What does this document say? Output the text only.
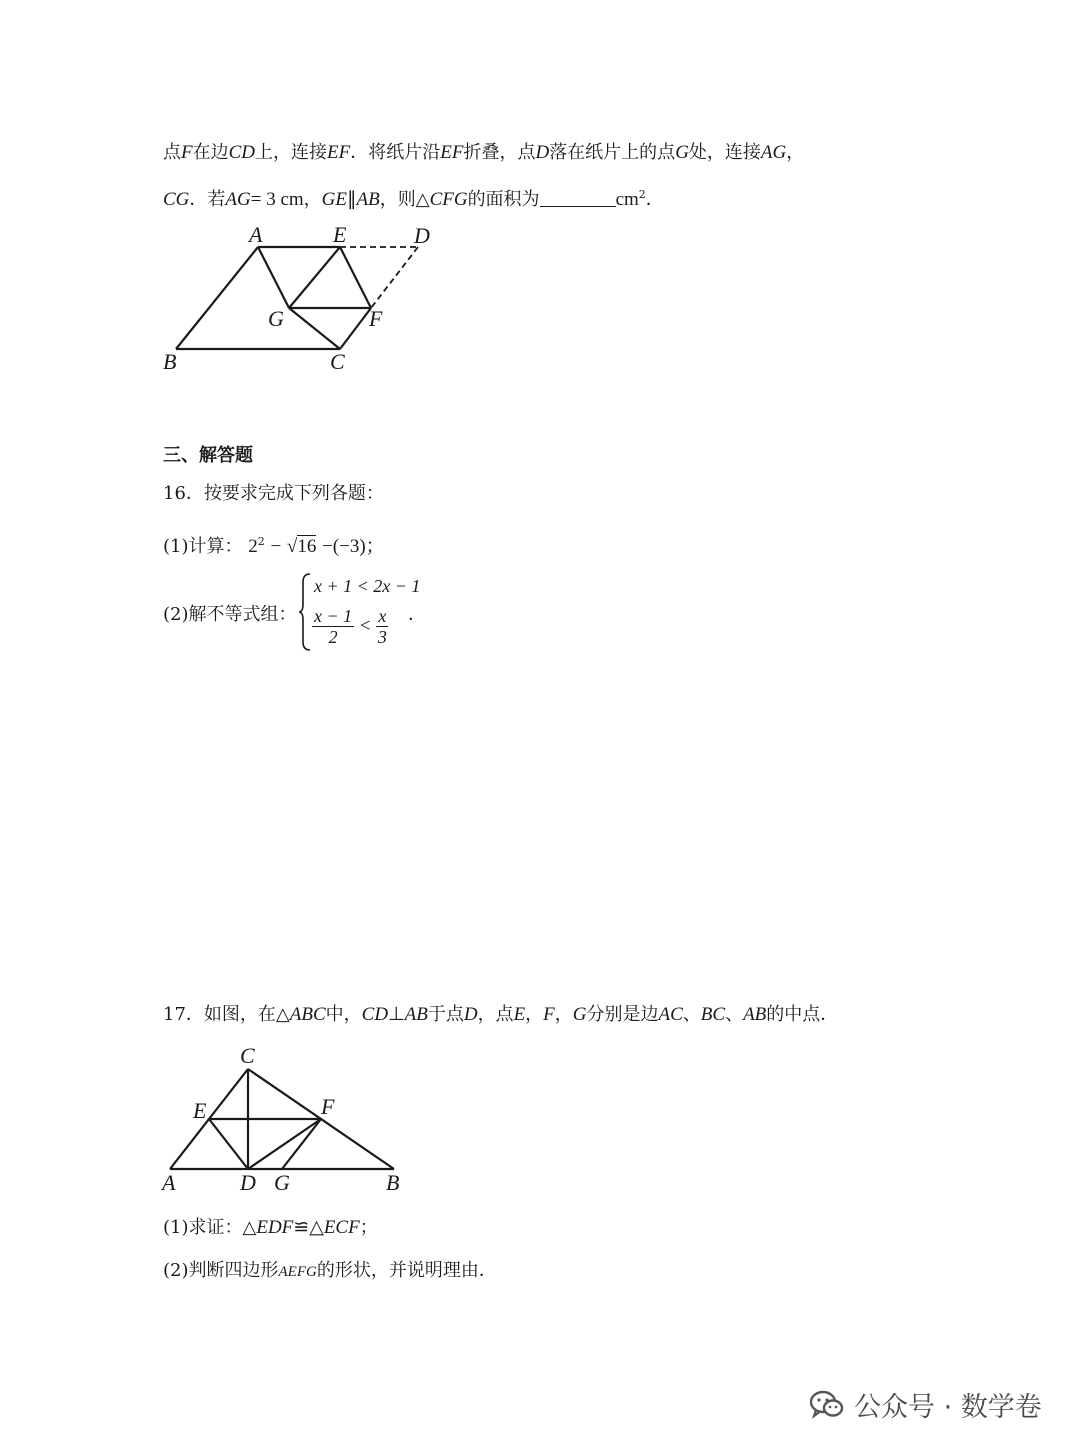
点F在边CD上，连接EF．将纸片沿EF折叠，点D落在纸片上的点G处，连接AG，
CG．若AG= 3 cm，GE∥AB，则△CFG的面积为	$cm^2$．
A	E	D
G	F
B	C
三、解答题
16．按要求完成下列各题：
(1)计算： $2^2 - √16 -(-3)$；
(2)解不等式组：
x + 1 < 2x − 1
$\frac{x - 1}{2} < \frac{x}{3}$ ．
17．如图，在△ABC中，CD⊥AB于点D，点E，F，G分别是边AC、BC、AB的中点．
C
E	F
A	D G	B
(1)求证：△EDF≌△ECF；
(2)判断四边形AEFG的形状，并说明理由．
公众号 · 数学卷
